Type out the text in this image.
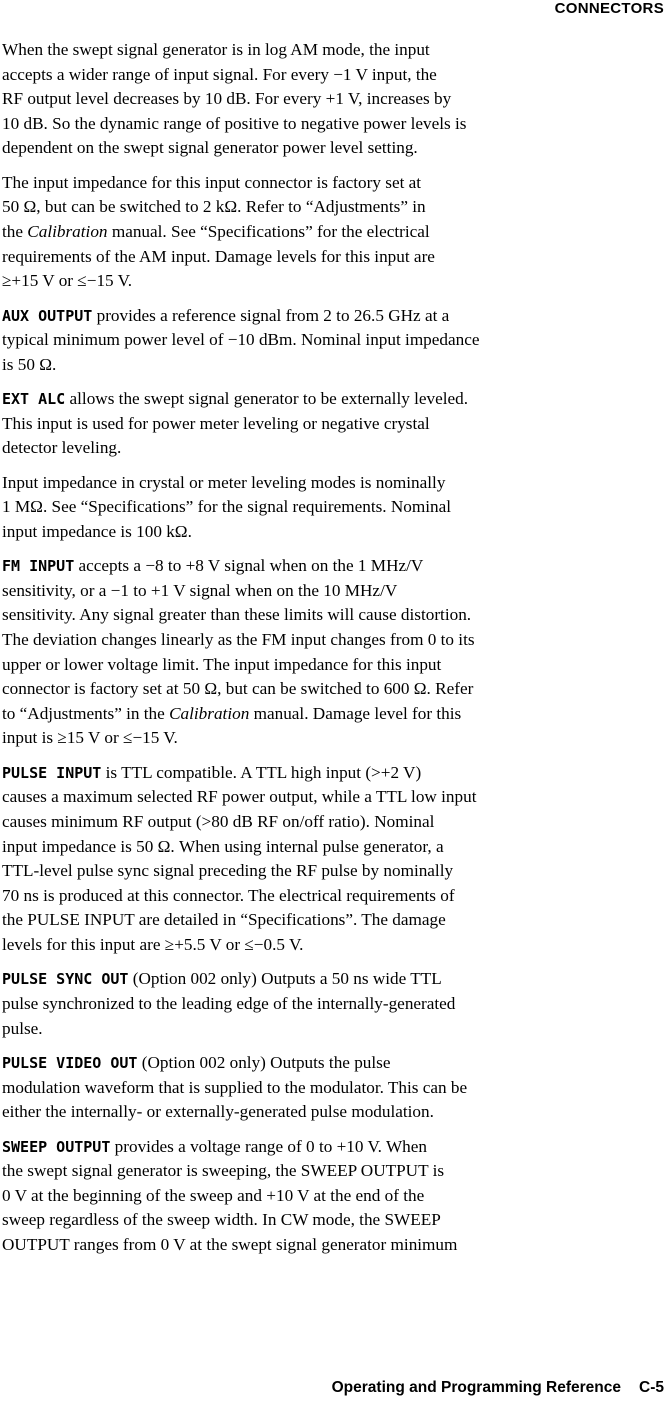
CONNECTORS
When the swept signal generator is in log AM mode, the input
accepts a wider range of input signal. For every −1 V input, the
RF output level decreases by 10 dB. For every +1 V, increases by
10 dB. So the dynamic range of positive to negative power levels is
dependent on the swept signal generator power level setting.
The input impedance for this input connector is factory set at
50 Ω, but can be switched to 2 kΩ. Refer to “Adjustments” in
the Calibration manual. See “Specifications” for the electrical
requirements of the AM input. Damage levels for this input are
≥+15 V or ≤−15 V.
AUX OUTPUT provides a reference signal from 2 to 26.5 GHz at a
typical minimum power level of −10 dBm. Nominal input impedance
is 50 Ω.
EXT ALC allows the swept signal generator to be externally leveled.
This input is used for power meter leveling or negative crystal
detector leveling.
Input impedance in crystal or meter leveling modes is nominally
1 MΩ. See “Specifications” for the signal requirements. Nominal
input impedance is 100 kΩ.
FM INPUT accepts a −8 to +8 V signal when on the 1 MHz/V
sensitivity, or a −1 to +1 V signal when on the 10 MHz/V
sensitivity. Any signal greater than these limits will cause distortion.
The deviation changes linearly as the FM input changes from 0 to its
upper or lower voltage limit. The input impedance for this input
connector is factory set at 50 Ω, but can be switched to 600 Ω. Refer
to “Adjustments” in the Calibration manual. Damage level for this
input is ≥15 V or ≤−15 V.
PULSE INPUT is TTL compatible. A TTL high input (>+2 V)
causes a maximum selected RF power output, while a TTL low input
causes minimum RF output (>80 dB RF on/off ratio). Nominal
input impedance is 50 Ω. When using internal pulse generator, a
TTL-level pulse sync signal preceding the RF pulse by nominally
70 ns is produced at this connector. The electrical requirements of
the PULSE INPUT are detailed in “Specifications”. The damage
levels for this input are ≥+5.5 V or ≤−0.5 V.
PULSE SYNC OUT (Option 002 only) Outputs a 50 ns wide TTL
pulse synchronized to the leading edge of the internally-generated
pulse.
PULSE VIDEO OUT (Option 002 only) Outputs the pulse
modulation waveform that is supplied to the modulator. This can be
either the internally- or externally-generated pulse modulation.
SWEEP OUTPUT provides a voltage range of 0 to +10 V. When
the swept signal generator is sweeping, the SWEEP OUTPUT is
0 V at the beginning of the sweep and +10 V at the end of the
sweep regardless of the sweep width. In CW mode, the SWEEP
OUTPUT ranges from 0 V at the swept signal generator minimum
Operating and Programming Reference C-5
